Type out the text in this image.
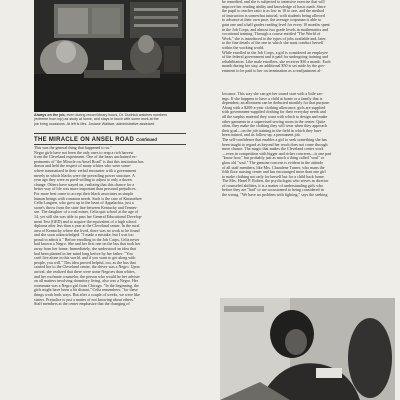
Always on the job, even during record library hours, Dr. Dudnick watches numbers
(extreme from top) as study at home, and stays in touch with some work at the
job bring occasions. At left is Mrs. Josiane Wallace, administrative assistant.
THE MIRACLE ON ANSEL ROAD Continued
This was the general thing that happened to us."
Negro girls have not been the only ones to reap a rich harvest
from the Cleveland experiment. One of the bears unchained ex-
periments of "the Miracle on Ansel Road" is that this institution has
drawn and held the respect of many whites who were some-
where traumatized in their verbal encounter with a government
merely in which blacks were the prevailing power structure. A
year ago they were as pavil-willing to adjust to only a dozen
change. Others have stayed on, realizing that this chance for a
better way of life was more important than personal prejudices.
For more best come to accept their black associates as simple
human beings with common needs. Such is the case of Kimmelsee
Cella Langren, who grew up in the heart of Appalachia, just a
stone's throw from the state line between Kentucky and Tennes-
see. The daughter of a coal miner, Celia quit school at the age of
14, yet still she was able to pass her General Educational Develop-
ment Test (GED) and to acquire the equivalent of a high school
diploma after less than a year at the Cleveland center. In the rural
area of Kentucky where she lived, there was no work to be found
and she soon acknowledged. "I made a mistake, but I was too
proud to admit it." Before enrolling in the Job Corps, Celia never
had known a Negro. She and her first one on the bus that took her
away from her home. Immediately, she understood an idea that
had been planted in her mind long before by her father: "You
can't live alone in this world, and if you want to get along with
people, you will." This idea proved helpful, too, as the bus that
carried her to the Cleveland center, the driver was a Negro. Upon
arrival, she realized that there were some Negroes than whites,
and her roofmate counselor, the person who would be her adviser
on all matters involving dormitory living, also was a Negro. Her
roommate was a Negro girl from Chicago. "In the beginning, the
girls might have been a bit distant," Celia remembers, "for these
things work both ways. But after a couple of weeks, we were like
sisters. Prejudice is just a matter of not knowing about others."
Staff members at the center emphasize that the changing of
be remedied, and she is subjected to intensive exercise that will
improve her reading ability and knowledge of basic math. Since
the pupil to teacher ratio is as low as 10 to one, and the method
of instruction is somewhat tutorial, with students being allowed
to advance at their own pace, the average corpsman is able to
gain one and a half grades reading level for every 10 months spent
in the Job Corps, and almost two grade levels in mathematics and
vocational training. Through a course entitled "The World of
Work," she is introduced to the types of jobs available and, later,
to the fine details of the one in which she must conduct herself
within the working world.
While enrolled in the Job Corps, a girl is considered an employee
of the federal government and is paid for undergoing training and
rehabilitation. Like male enrollees, she receives $30 a month. Each
month during her stay, an additional $50 is set aside by the gov-
ernment to be paid to her on termination as a readjustment al-
lowance. This way she can get her sound start with a little sav-
ings. If she happens to have a child at home or a family that is
dependent, an allotment can be deducted monthly for that purpose.
Along with a $200-a-year clothing allowance, girls are supplied
with government-supplied clothing for their everyday needs and
all the surplus material they want with which to design and make
other garments in a supervised sewing room in the center. Quite
often, they make the clothing they will wear when they approach
their goal—on the job training in the field in which they have
been trained, and its follow-up, a permanent job.
The self-confidence that enables a girl to seek something she has
been taught to regard as beyond her reach does not come through
mere chance. The magic that makes the Cleveland center work
—even in competition with bigger and richer concerns—is one part
"know how," but probably just as much a thing called "soul" or
glass old "soul." The genuine concern is evident in the attitude
of all staff members, like Mrs. Charalene Turner, who mans the
fifth floor nursing center and has encouraged more than one girl
to make clothing not only for herself but for a child back home.
The Mrs. Hazel P. Robert, the psychologist who serves as director
of counseled abilities, it is a matter of understanding girls who
before they are "had" or are accustomed to being considered in
the wrong. "We have no problem with fighting," says the seeking
